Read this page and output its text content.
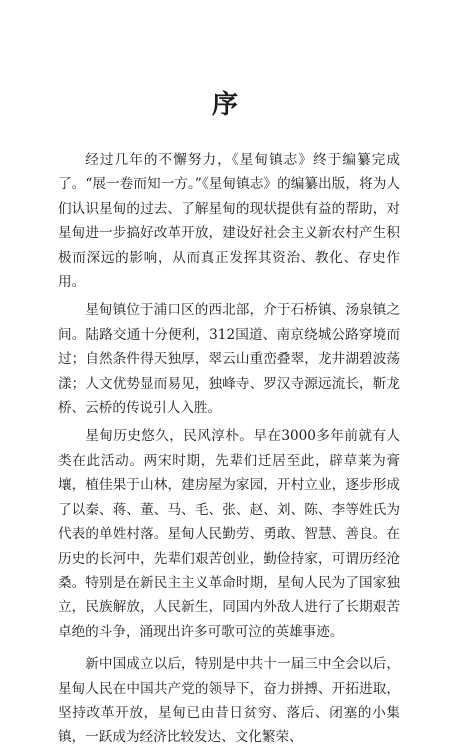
序

经过几年的不懈努力，《星甸镇志》终于编纂完成了。“展一卷而知一方。”《星甸镇志》的编纂出版，将为人们认识星甸的过去、了解星甸的现状提供有益的帮助，对星甸进一步搞好改革开放，建设好社会主义新农村产生积极而深远的影响，从而真正发挥其资治、教化、存史作用。

星甸镇位于浦口区的西北部，介于石桥镇、汤泉镇之间。陆路交通十分便利，312国道、南京绕城公路穿境而过；自然条件得天独厚，翠云山重峦叠翠，龙井湖碧波荡漾；人文优势显而易见，独峰寺、罗汉寺源远流长，靳龙桥、云桥的传说引人入胜。

星甸历史悠久，民风淳朴。早在3000多年前就有人类在此活动。两宋时期，先辈们迁居至此，辟草莱为膏壤，植佳果于山林，建房屋为家园，开村立业，逐步形成了以秦、蒋、董、马、毛、张、赵、刘、陈、李等姓氏为代表的单姓村落。星甸人民勤劳、勇敢、智慧、善良。在历史的长河中，先辈们艰苦创业，勤俭持家，可谓历经沧桑。特别是在新民主主义革命时期，星甸人民为了国家独立，民族解放，人民新生，同国内外敌人进行了长期艰苦卓绝的斗争，涌现出许多可歌可泣的英雄事迹。

新中国成立以后，特别是中共十一届三中全会以后，星甸人民在中国共产党的领导下，奋力拼搏、开拓进取，坚持改革开放，星甸已由昔日贫穷、落后、闭塞的小集镇，一跃成为经济比较发达、文化繁荣、
